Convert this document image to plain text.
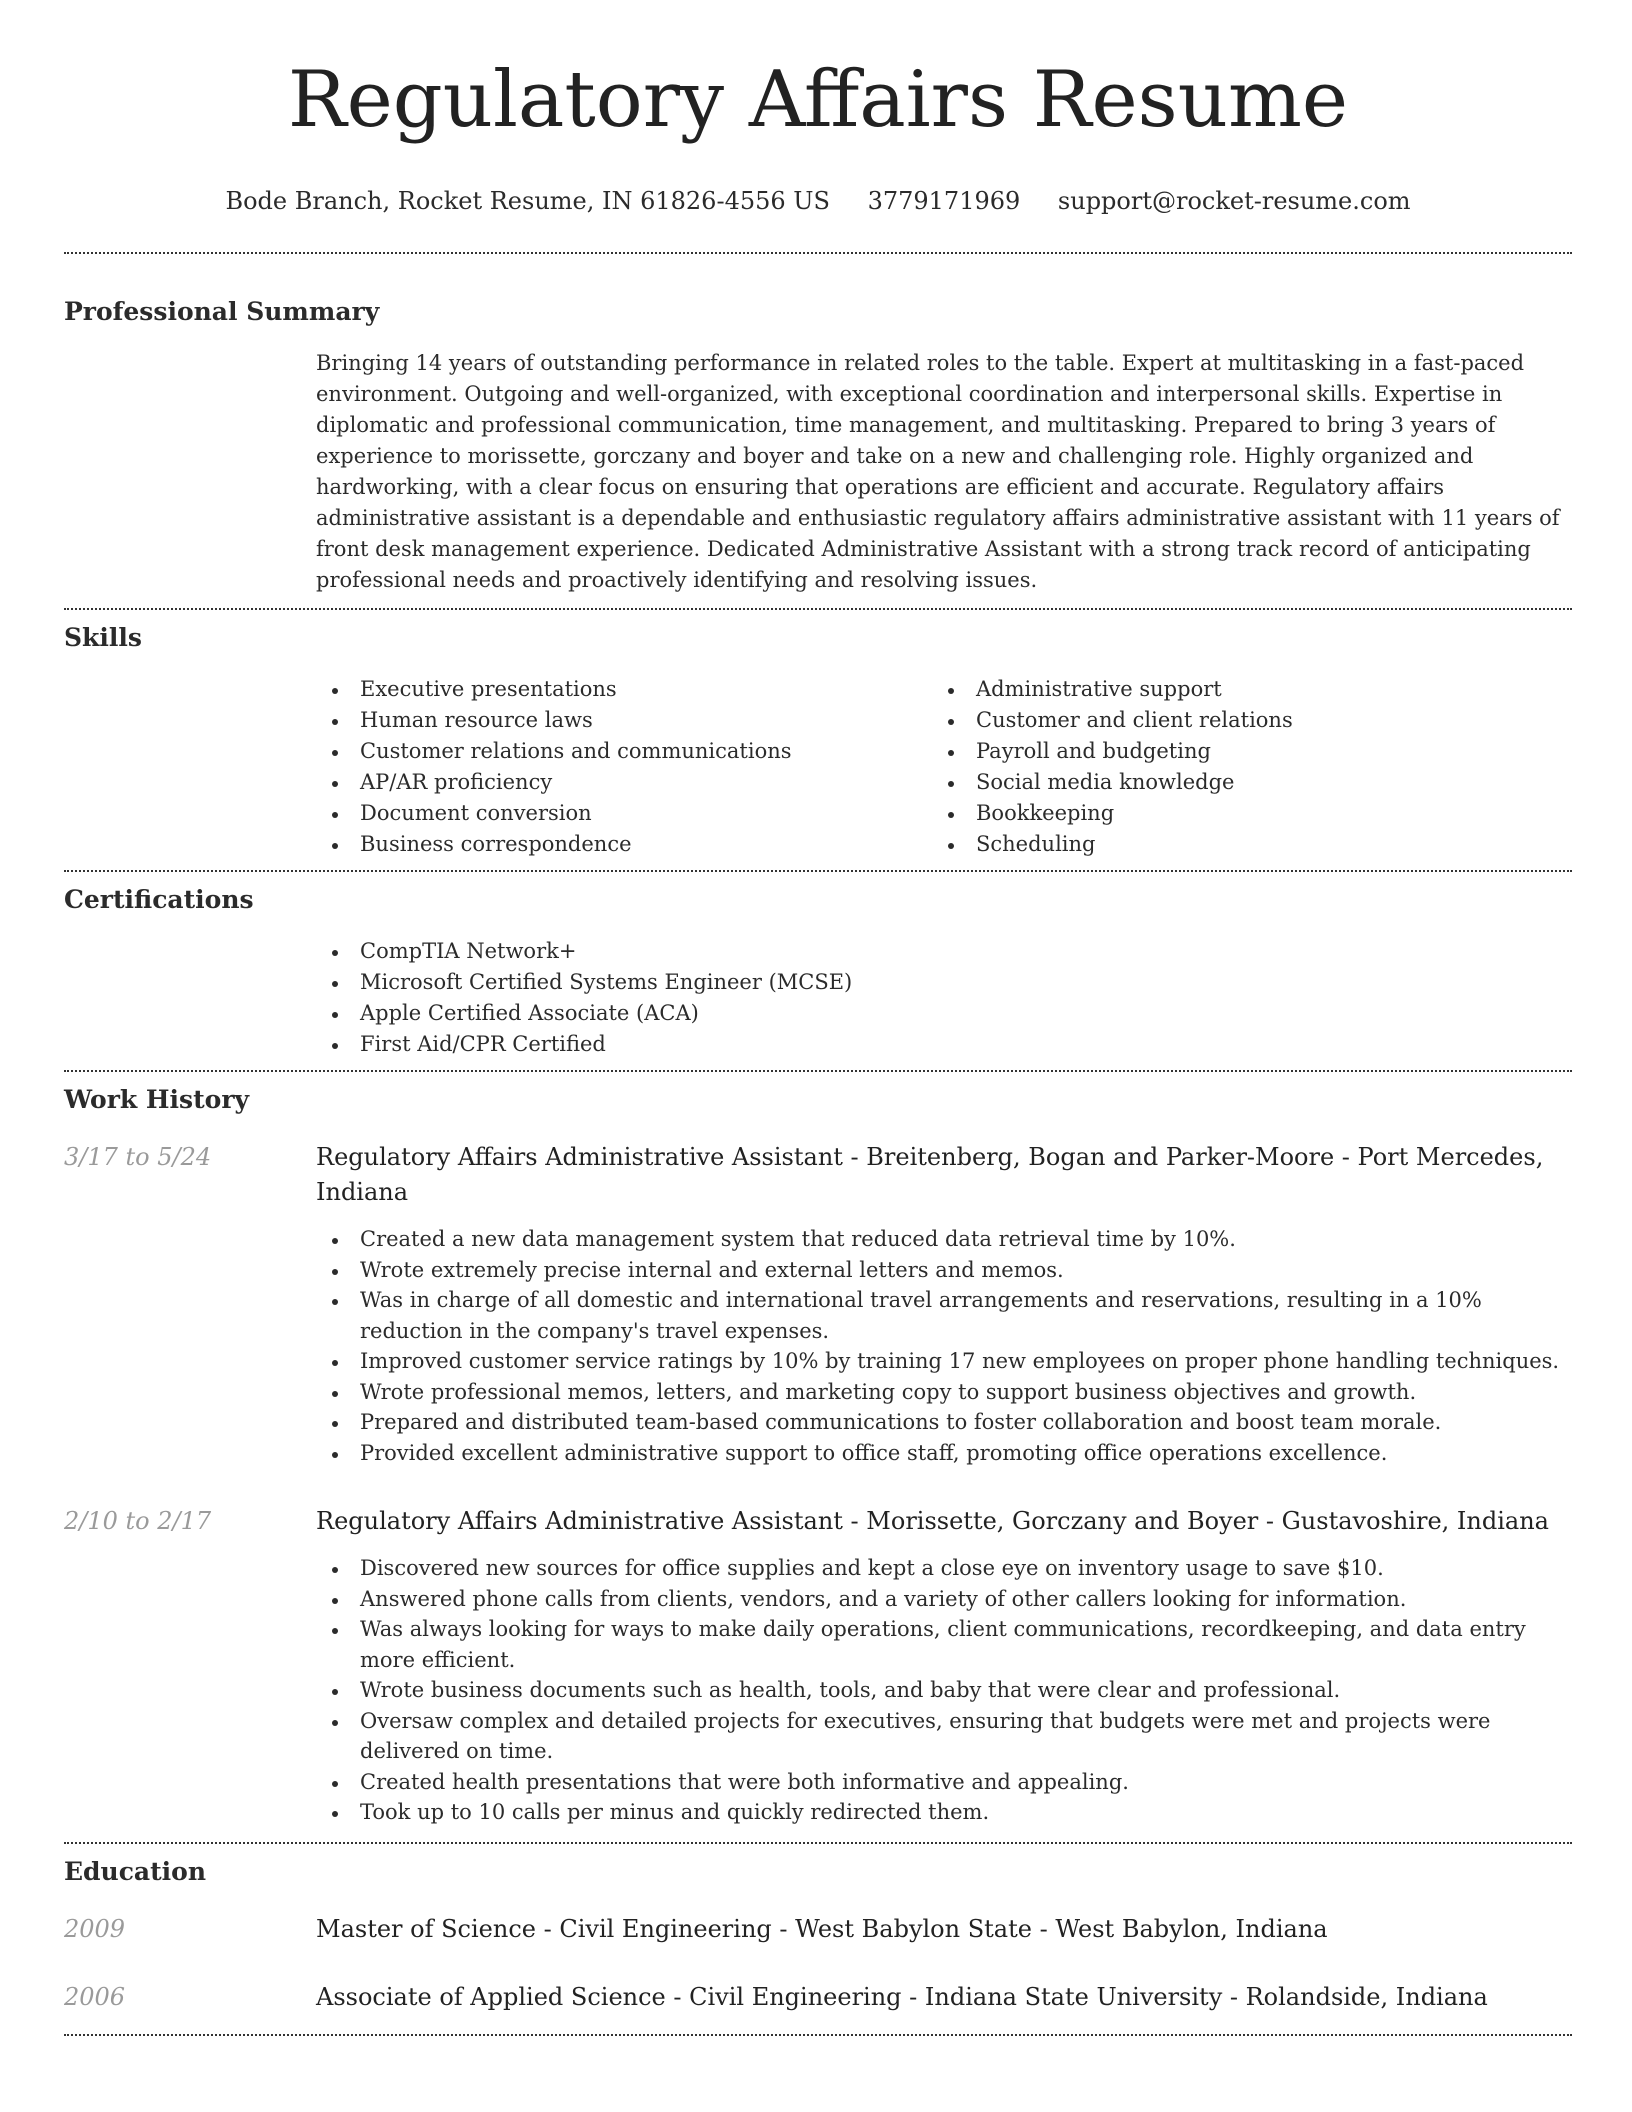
Regulatory Affairs Resume
Bode Branch, Rocket Resume, IN 61826-4556 US 3779171969 support@rocket-resume.com
Professional Summary
Bringing 14 years of outstanding performance in related roles to the table. Expert at multitasking in a fast-paced environment. Outgoing and well-organized, with exceptional coordination and interpersonal skills. Expertise in diplomatic and professional communication, time management, and multitasking. Prepared to bring 3 years of experience to morissette, gorczany and boyer and take on a new and challenging role. Highly organized and hardworking, with a clear focus on ensuring that operations are efficient and accurate. Regulatory affairs administrative assistant is a dependable and enthusiastic regulatory affairs administrative assistant with 11 years of front desk management experience. Dedicated Administrative Assistant with a strong track record of anticipating professional needs and proactively identifying and resolving issues.
Skills
Executive presentations
Human resource laws
Customer relations and communications
AP/AR proficiency
Document conversion
Business correspondence
Administrative support
Customer and client relations
Payroll and budgeting
Social media knowledge
Bookkeeping
Scheduling
Certifications
CompTIA Network+
Microsoft Certified Systems Engineer (MCSE)
Apple Certified Associate (ACA)
First Aid/CPR Certified
Work History
3/17 to 5/24	Regulatory Affairs Administrative Assistant - Breitenberg, Bogan and Parker-Moore - Port Mercedes, Indiana
Created a new data management system that reduced data retrieval time by 10%.
Wrote extremely precise internal and external letters and memos.
Was in charge of all domestic and international travel arrangements and reservations, resulting in a 10% reduction in the company's travel expenses.
Improved customer service ratings by 10% by training 17 new employees on proper phone handling techniques.
Wrote professional memos, letters, and marketing copy to support business objectives and growth.
Prepared and distributed team-based communications to foster collaboration and boost team morale.
Provided excellent administrative support to office staff, promoting office operations excellence.
2/10 to 2/17	Regulatory Affairs Administrative Assistant - Morissette, Gorczany and Boyer - Gustavoshire, Indiana
Discovered new sources for office supplies and kept a close eye on inventory usage to save $10.
Answered phone calls from clients, vendors, and a variety of other callers looking for information.
Was always looking for ways to make daily operations, client communications, recordkeeping, and data entry more efficient.
Wrote business documents such as health, tools, and baby that were clear and professional.
Oversaw complex and detailed projects for executives, ensuring that budgets were met and projects were delivered on time.
Created health presentations that were both informative and appealing.
Took up to 10 calls per minus and quickly redirected them.
Education
2009	Master of Science - Civil Engineering - West Babylon State - West Babylon, Indiana
2006	Associate of Applied Science - Civil Engineering - Indiana State University - Rolandside, Indiana
